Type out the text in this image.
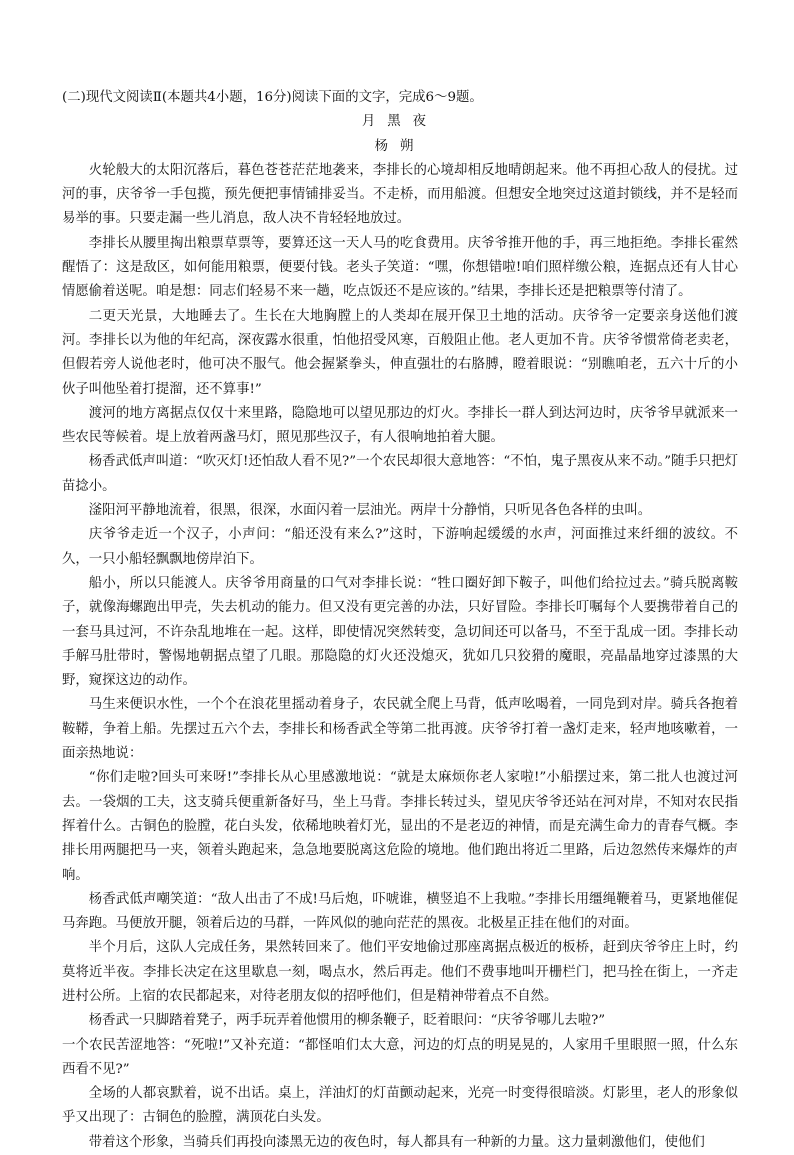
(二)现代文阅读Ⅱ(本题共4小题，16分)阅读下面的文字，完成6～9题。

月黑夜

杨朔

火轮般大的太阳沉落后，暮色苍苍茫茫地袭来，李排长的心境却相反地晴朗起来。他不再担心敌人的侵扰。过河的事，庆爷爷一手包揽，预先便把事情铺排妥当。不走桥，而用船渡。但想安全地突过这道封锁线，并不是轻而易举的事。只要走漏一些儿消息，敌人决不肯轻轻地放过。

李排长从腰里掏出粮票草票等，要算还这一天人马的吃食费用。庆爷爷推开他的手，再三地拒绝。李排长霍然醒悟了：这是敌区，如何能用粮票，便要付钱。老头子笑道：“嘿，你想错啦!咱们照样缴公粮，连据点还有人甘心情愿偷着送呢。咱是想：同志们轻易不来一趟，吃点饭还不是应该的。”结果，李排长还是把粮票等付清了。

二更天光景，大地睡去了。生长在大地胸膛上的人类却在展开保卫土地的活动。庆爷爷一定要亲身送他们渡河。李排长以为他的年纪高，深夜露水很重，怕他招受风寒，百般阻止他。老人更加不肯。庆爷爷惯常倚老卖老，但假若旁人说他老时，他可决不服气。他会握紧拳头，伸直强壮的右胳膊，瞪着眼说：“别瞧咱老，五六十斤的小伙子叫他坠着打提溜，还不算事!”

渡河的地方离据点仅仅十来里路，隐隐地可以望见那边的灯火。李排长一群人到达河边时，庆爷爷早就派来一些农民等候着。堤上放着两盏马灯，照见那些汉子，有人很响地拍着大腿。

杨香武低声叫道：“吹灭灯!还怕敌人看不见?”一个农民却很大意地答：“不怕，鬼子黑夜从来不动。”随手只把灯苗捻小。

滏阳河平静地流着，很黑，很深，水面闪着一层油光。两岸十分静悄，只听见各色各样的虫叫。

庆爷爷走近一个汉子，小声问：“船还没有来么?”这时，下游响起缓缓的水声，河面推过来纤细的波纹。不久，一只小船轻飘飘地傍岸泊下。

船小，所以只能渡人。庆爷爷用商量的口气对李排长说：“牲口圈好卸下鞍子，叫他们给拉过去。”骑兵脱离鞍子，就像海螺跑出甲壳，失去机动的能力。但又没有更完善的办法，只好冒险。李排长叮嘱每个人要携带着自己的一套马具过河，不许杂乱地堆在一起。这样，即使情况突然转变，急切间还可以备马，不至于乱成一团。李排长动手解马肚带时，警惕地朝据点望了几眼。那隐隐的灯火还没熄灭，犹如几只狡猾的魔眼，亮晶晶地穿过漆黑的大野，窥探这边的动作。

马生来便识水性，一个个在浪花里摇动着身子，农民就全爬上马背，低声吆喝着，一同凫到对岸。骑兵各抱着鞍鞯，争着上船。先摆过五六个去，李排长和杨香武全等第二批再渡。庆爷爷打着一盏灯走来，轻声地咳嗽着，一面亲热地说：

“你们走啦?回头可来呀!”李排长从心里感激地说：“就是太麻烦你老人家啦!”小船摆过来，第二批人也渡过河去。一袋烟的工夫，这支骑兵便重新备好马，坐上马背。李排长转过头，望见庆爷爷还站在河对岸，不知对农民指挥着什么。古铜色的脸膛，花白头发，依稀地映着灯光，显出的不是老迈的神情，而是充满生命力的青春气概。李排长用两腿把马一夹，领着头跑起来，急急地要脱离这危险的境地。他们跑出将近二里路，后边忽然传来爆炸的声响。

杨香武低声嘲笑道：“敌人出击了不成!马后炮，吓唬谁，横竖追不上我啦。”李排长用缰绳鞭着马，更紧地催促马奔跑。马便放开腿，领着后边的马群，一阵风似的驰向茫茫的黑夜。北极星正挂在他们的对面。

半个月后，这队人完成任务，果然转回来了。他们平安地偷过那座离据点极近的板桥，赶到庆爷爷庄上时，约莫将近半夜。李排长决定在这里歇息一刻，喝点水，然后再走。他们不费事地叫开栅栏门，把马拴在街上，一齐走进村公所。上宿的农民都起来，对待老朋友似的招呼他们，但是精神带着点不自然。

杨香武一只脚踏着凳子，两手玩弄着他惯用的柳条鞭子，眨着眼问：“庆爷爷哪儿去啦?”

一个农民苦涩地答：“死啦!”又补充道：“都怪咱们太大意，河边的灯点的明晃晃的，人家用千里眼照一照，什么东西看不见?”

全场的人都哀默着，说不出话。桌上，洋油灯的灯苗颤动起来，光亮一时变得很暗淡。灯影里，老人的形象似乎又出现了：古铜色的脸膛，满顶花白头发。

带着这个形象，当骑兵们再投向漆黑无边的夜色时，每人都具有一种新的力量。这力量刺激他们，使他们
